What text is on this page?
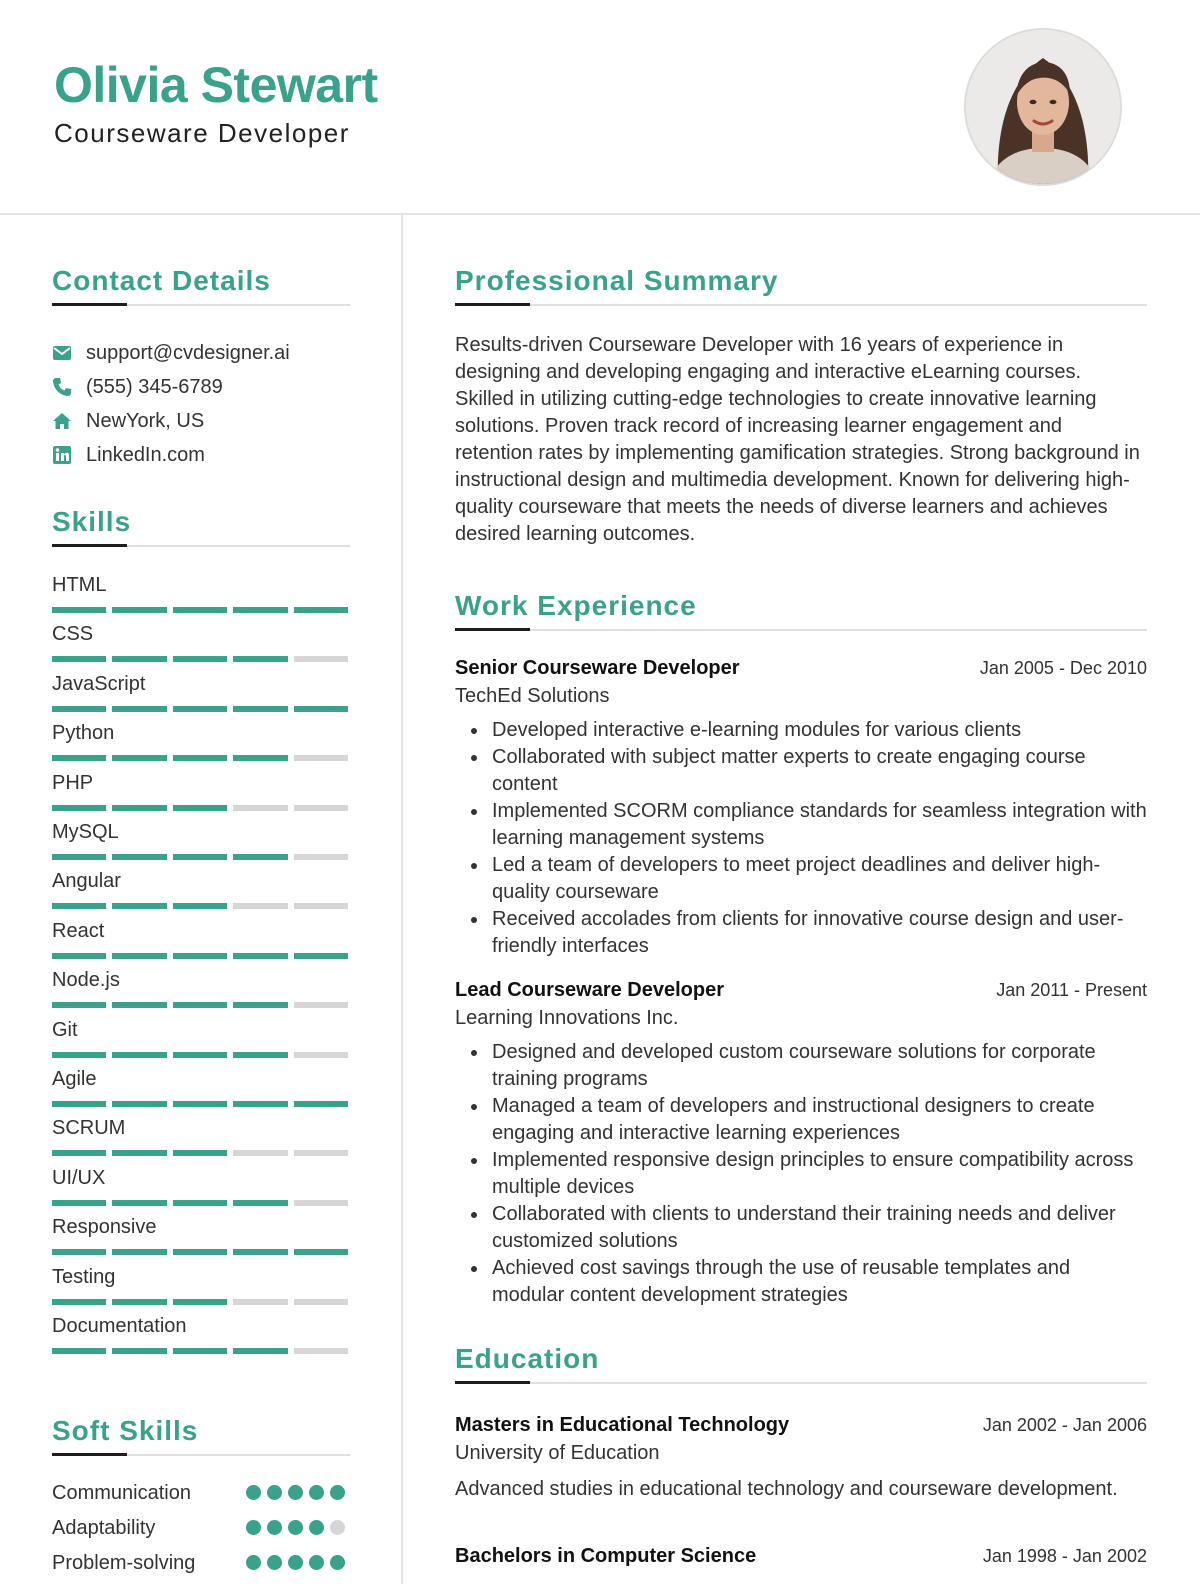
Olivia Stewart
Courseware Developer
Contact Details
support@cvdesigner.ai
(555) 345-6789
NewYork, US
LinkedIn.com
Skills
HTML
CSS
JavaScript
Python
PHP
MySQL
Angular
React
Node.js
Git
Agile
SCRUM
UI/UX
Responsive
Testing
Documentation
Soft Skills
Communication
Adaptability
Problem-solving
Professional Summary

Results-driven Courseware Developer with 16 years of experience in designing and developing engaging and interactive eLearning courses. Skilled in utilizing cutting-edge technologies to create innovative learning solutions. Proven track record of increasing learner engagement and retention rates by implementing gamification strategies. Strong background in instructional design and multimedia development. Known for delivering high-quality courseware that meets the needs of diverse learners and achieves desired learning outcomes.

Work Experience
Senior Courseware Developer	Jan 2005 - Dec 2010
TechEd Solutions
Developed interactive e-learning modules for various clients
Collaborated with subject matter experts to create engaging course content
Implemented SCORM compliance standards for seamless integration with learning management systems
Led a team of developers to meet project deadlines and deliver high-quality courseware
Received accolades from clients for innovative course design and user-friendly interfaces
Lead Courseware Developer	Jan 2011 - Present
Learning Innovations Inc.
Designed and developed custom courseware solutions for corporate training programs
Managed a team of developers and instructional designers to create engaging and interactive learning experiences
Implemented responsive design principles to ensure compatibility across multiple devices
Collaborated with clients to understand their training needs and deliver customized solutions
Achieved cost savings through the use of reusable templates and modular content development strategies
Education
Masters in Educational Technology	Jan 2002 - Jan 2006
University of Education
Advanced studies in educational technology and courseware development.
Bachelors in Computer Science	Jan 1998 - Jan 2002
